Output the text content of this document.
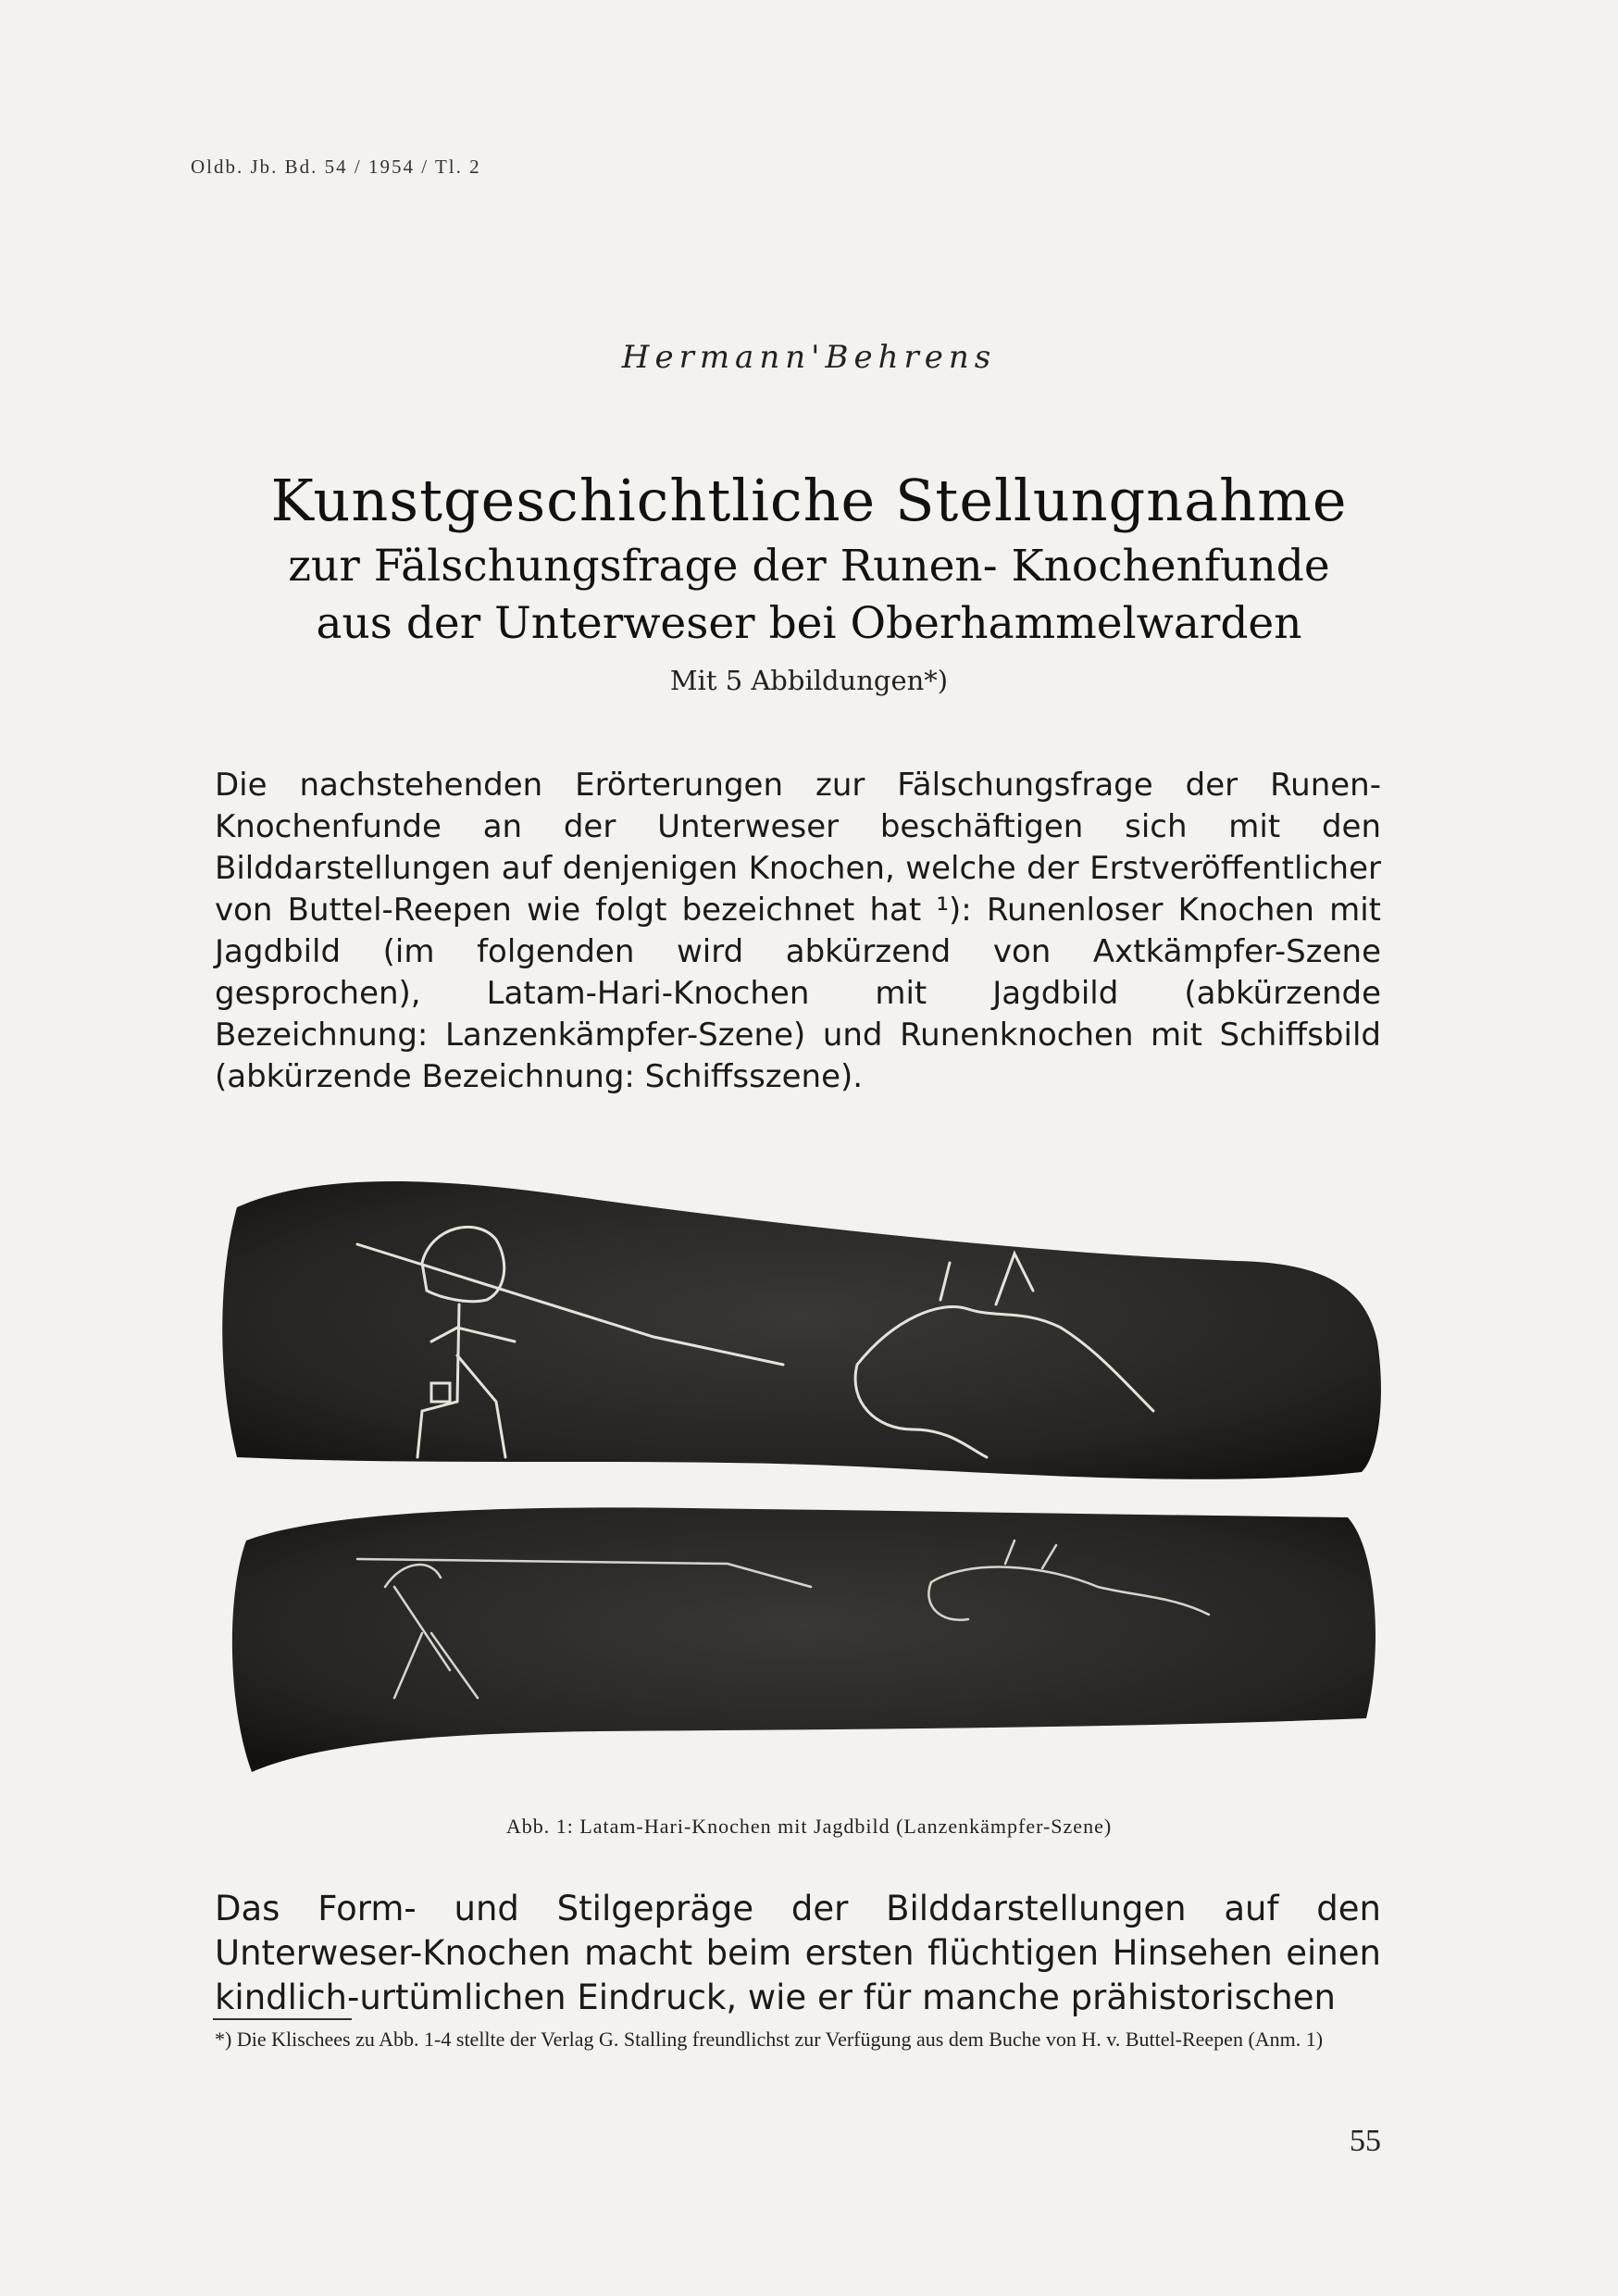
Oldb. Jb. Bd. 54 / 1954 / Tl. 2
Hermann'Behrens
Kunstgeschichtliche Stellungnahme
zur Fälschungsfrage der Runen- Knochenfunde
aus der Unterweser bei Oberhammelwarden
Mit 5 Abbildungen*)
Die nachstehenden Erörterungen zur Fälschungsfrage der Runen-Knochenfunde an der Unterweser beschäftigen sich mit den Bilddarstellungen auf denjenigen Knochen, welche der Erstveröffentlicher von Buttel-Reepen wie folgt bezeichnet hat ¹): Runenloser Knochen mit Jagdbild (im folgenden wird abkürzend von Axtkämpfer-Szene gesprochen), Latam-Hari-Knochen mit Jagdbild (abkürzende Bezeichnung: Lanzenkämpfer-Szene) und Runenknochen mit Schiffsbild (abkürzende Bezeichnung: Schiffsszene).
Abb. 1: Latam-Hari-Knochen mit Jagdbild (Lanzenkämpfer-Szene)
Das Form- und Stilgepräge der Bilddarstellungen auf den Unterweser-Knochen macht beim ersten flüchtigen Hinsehen einen kindlich-urtümlichen Eindruck, wie er für manche prähistorischen
*) Die Klischees zu Abb. 1-4 stellte der Verlag G. Stalling freundlichst zur Verfügung aus dem Buche von H. v. Buttel-Reepen (Anm. 1)
55
